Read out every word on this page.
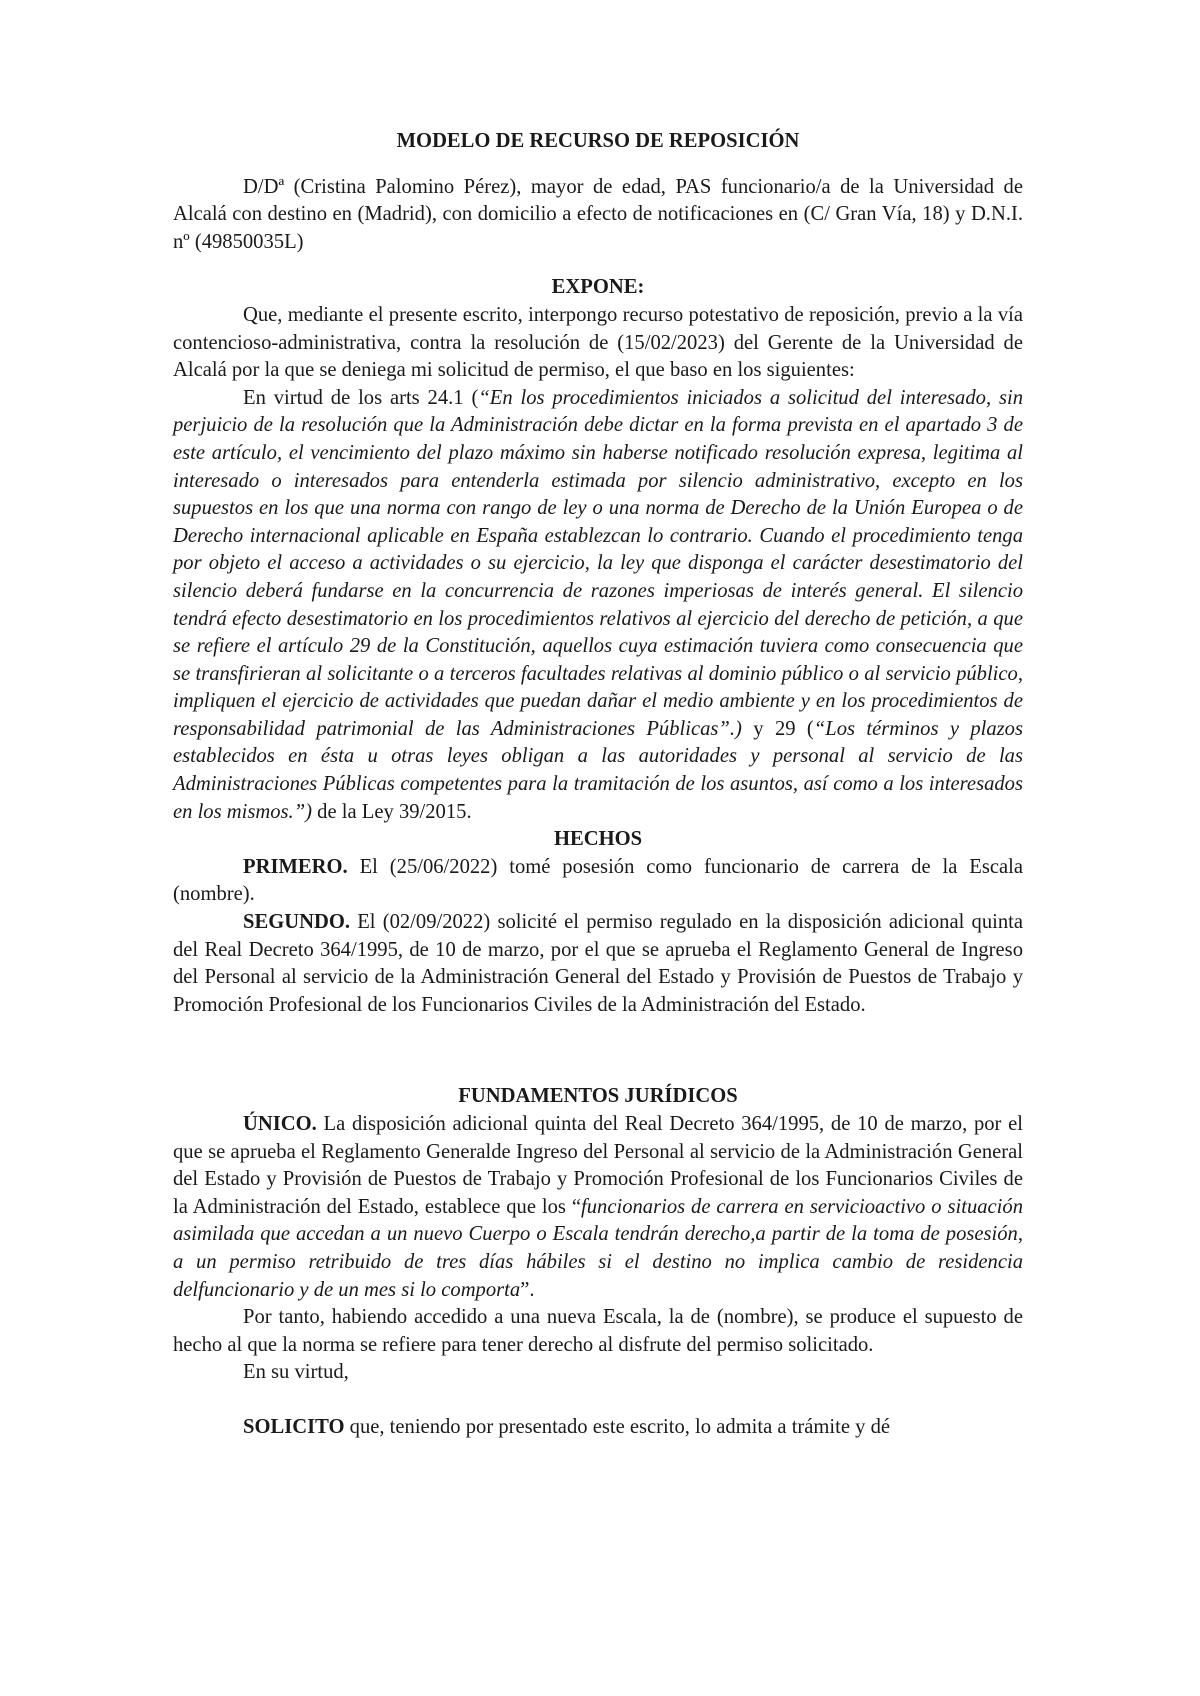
MODELO DE RECURSO DE REPOSICIÓN

D/Dª (Cristina Palomino Pérez), mayor de edad, PAS funcionario/a de la Universidad de Alcalá con destino en (Madrid), con domicilio a efecto de notificaciones en (C/ Gran Vía, 18) y D.N.I. nº (49850035L)

EXPONE:

Que, mediante el presente escrito, interpongo recurso potestativo de reposición, previo a la vía contencioso-administrativa, contra la resolución de (15/02/2023) del Gerente de la Universidad de Alcalá por la que se deniega mi solicitud de permiso, el que baso en los siguientes:

En virtud de los arts 24.1 (“En los procedimientos iniciados a solicitud del interesado, sin perjuicio de la resolución que la Administración debe dictar en la forma prevista en el apartado 3 de este artículo, el vencimiento del plazo máximo sin haberse notificado resolución expresa, legitima al interesado o interesados para entenderla estimada por silencio administrativo, excepto en los supuestos en los que una norma con rango de ley o una norma de Derecho de la Unión Europea o de Derecho internacional aplicable en España establezcan lo contrario. Cuando el procedimiento tenga por objeto el acceso a actividades o su ejercicio, la ley que disponga el carácter desestimatorio del silencio deberá fundarse en la concurrencia de razones imperiosas de interés general. El silencio tendrá efecto desestimatorio en los procedimientos relativos al ejercicio del derecho de petición, a que se refiere el artículo 29 de la Constitución, aquellos cuya estimación tuviera como consecuencia que se transfirieran al solicitante o a terceros facultades relativas al dominio público o al servicio público, impliquen el ejercicio de actividades que puedan dañar el medio ambiente y en los procedimientos de responsabilidad patrimonial de las Administraciones Públicas”.) y 29 (“Los términos y plazos establecidos en ésta u otras leyes obligan a las autoridades y personal al servicio de las Administraciones Públicas competentes para la tramitación de los asuntos, así como a los interesados en los mismos.”) de la Ley 39/2015.

HECHOS

PRIMERO. El (25/06/2022) tomé posesión como funcionario de carrera de la Escala (nombre).

SEGUNDO. El (02/09/2022) solicité el permiso regulado en la disposición adicional quinta del Real Decreto 364/1995, de 10 de marzo, por el que se aprueba el Reglamento General de Ingreso del Personal al servicio de la Administración General del Estado y Provisión de Puestos de Trabajo y Promoción Profesional de los Funcionarios Civiles de la Administración del Estado.

FUNDAMENTOS JURÍDICOS

ÚNICO. La disposición adicional quinta del Real Decreto 364/1995, de 10 de marzo, por el que se aprueba el Reglamento Generalde Ingreso del Personal al servicio de la Administración General del Estado y Provisión de Puestos de Trabajo y Promoción Profesional de los Funcionarios Civiles de la Administración del Estado, establece que los “funcionarios de carrera en servicioactivo o situación asimilada que accedan a un nuevo Cuerpo o Escala tendrán derecho,a partir de la toma de posesión, a un permiso retribuido de tres días hábiles si el destino no implica cambio de residencia delfuncionario y de un mes si lo comporta”.

Por tanto, habiendo accedido a una nueva Escala, la de (nombre), se produce el supuesto de hecho al que la norma se refiere para tener derecho al disfrute del permiso solicitado.

En su virtud,

SOLICITO que, teniendo por presentado este escrito, lo admita a trámite y dé
